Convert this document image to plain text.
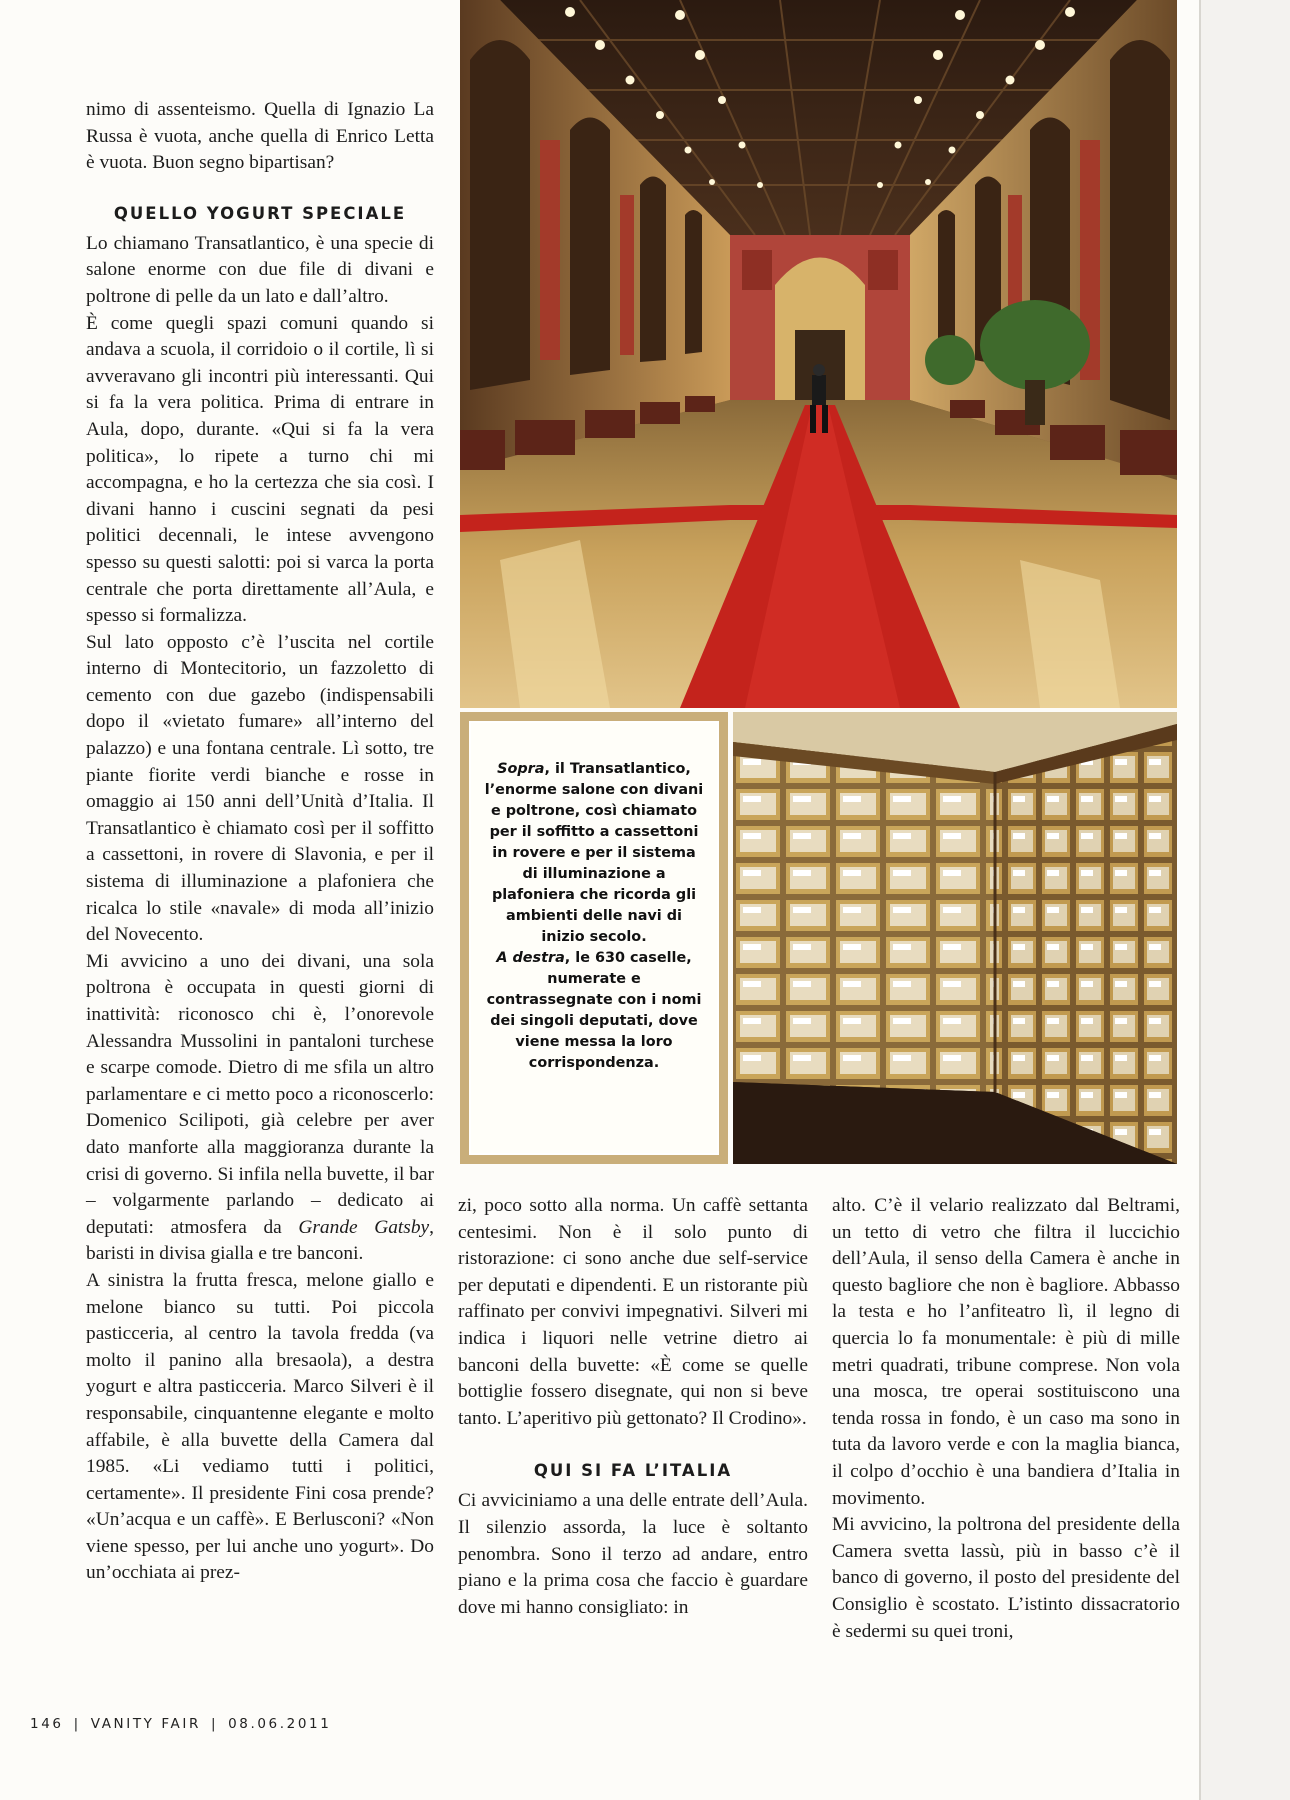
nimo di assenteismo. Quella di Ignazio La Russa è vuota, anche quella di Enrico Letta è vuota. Buon segno bipartisan?

QUELLO YOGURT SPECIALE

Lo chiamano Transatlantico, è una specie di salone enorme con due file di divani e poltrone di pelle da un lato e dall’altro.

È come quegli spazi comuni quando si andava a scuola, il corridoio o il cortile, lì si avveravano gli incontri più interessanti. Qui si fa la vera politica. Prima di entrare in Aula, dopo, durante. «Qui si fa la vera politica», lo ripete a turno chi mi accompagna, e ho la certezza che sia così. I divani hanno i cuscini segnati da pesi politici decennali, le intese avvengono spesso su questi salotti: poi si varca la porta centrale che porta direttamente all’Aula, e spesso si formalizza.

Sul lato opposto c’è l’uscita nel cortile interno di Montecitorio, un fazzoletto di cemento con due gazebo (indispensabili dopo il «vietato fumare» all’interno del palazzo) e una fontana centrale. Lì sotto, tre piante fiorite verdi bianche e rosse in omaggio ai 150 anni dell’Unità d’Italia. Il Transatlantico è chiamato così per il soffitto a cassettoni, in rovere di Slavonia, e per il sistema di illuminazione a plafoniera che ricalca lo stile «navale» di moda all’inizio del Novecento.

Mi avvicino a uno dei divani, una sola poltrona è occupata in questi giorni di inattività: riconosco chi è, l’onorevole Alessandra Mussolini in pantaloni turchese e scarpe comode. Dietro di me sfila un altro parlamentare e ci metto poco a riconoscerlo: Domenico Scilipoti, già celebre per aver dato manforte alla maggioranza durante la crisi di governo. Si infila nella buvette, il bar – volgarmente parlando – dedicato ai deputati: atmosfera da Grande Gatsby, baristi in divisa gialla e tre banconi.

A sinistra la frutta fresca, melone giallo e melone bianco su tutti. Poi piccola pasticceria, al centro la tavola fredda (va molto il panino alla bresaola), a destra yogurt e altra pasticceria. Marco Silveri è il responsabile, cinquantenne elegante e molto affabile, è alla buvette della Camera dal 1985. «Li vediamo tutti i politici, certamente». Il presidente Fini cosa prende? «Un’acqua e un caffè». E Berlusconi? «Non viene spesso, per lui anche uno yogurt». Do un’occhiata ai prez-

Sopra, il Transatlantico, l’enorme salone con divani e poltrone, così chiamato per il soffitto a cassettoni in rovere e per il sistema di illuminazione a plafoniera che ricorda gli ambienti delle navi di inizio secolo.
A destra, le 630 caselle, numerate e contrassegnate con i nomi dei singoli deputati, dove viene messa la loro corrispondenza.

zi, poco sotto alla norma. Un caffè settanta centesimi. Non è il solo punto di ristorazione: ci sono anche due self-service per deputati e dipendenti. E un ristorante più raffinato per convivi impegnativi. Silveri mi indica i liquori nelle vetrine dietro ai banconi della buvette: «È come se quelle bottiglie fossero disegnate, qui non si beve tanto. L’aperitivo più gettonato? Il Crodino».

QUI SI FA L’ITALIA

Ci avviciniamo a una delle entrate dell’Aula. Il silenzio assorda, la luce è soltanto penombra. Sono il terzo ad andare, entro piano e la prima cosa che faccio è guardare dove mi hanno consigliato: in

alto. C’è il velario realizzato dal Beltrami, un tetto di vetro che filtra il luccichio dell’Aula, il senso della Camera è anche in questo bagliore che non è bagliore. Abbasso la testa e ho l’anfiteatro lì, il legno di quercia lo fa monumentale: è più di mille metri quadrati, tribune comprese. Non vola una mosca, tre operai sostituiscono una tenda rossa in fondo, è un caso ma sono in tuta da lavoro verde e con la maglia bianca, il colpo d’occhio è una bandiera d’Italia in movimento.

Mi avvicino, la poltrona del presidente della Camera svetta lassù, più in basso c’è il banco di governo, il posto del presidente del Consiglio è scostato. L’istinto dissacratorio è sedermi su quei troni,

146 | VANITY FAIR | 08.06.2011
